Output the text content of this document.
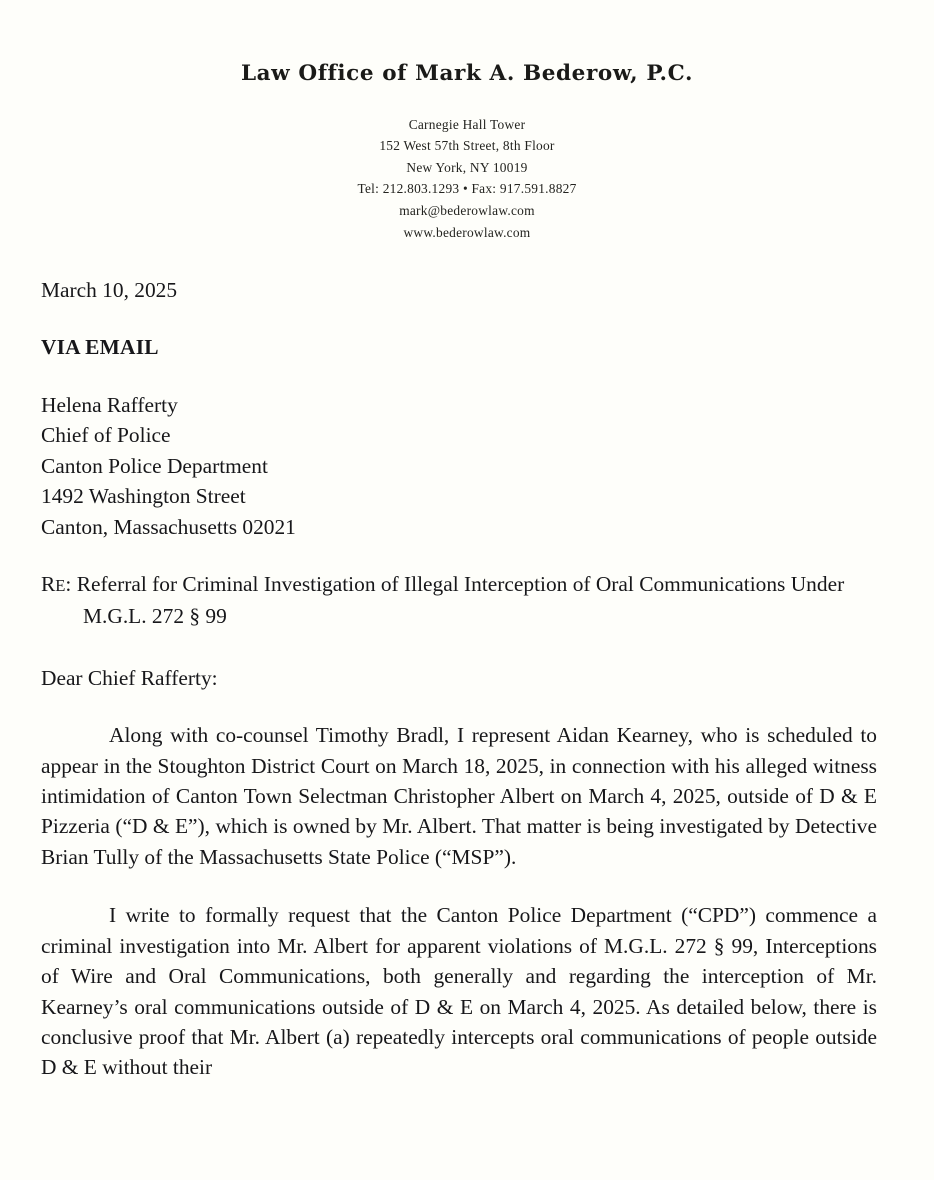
Law Office of Mark A. Bederow, P.C.
Carnegie Hall Tower
152 West 57th Street, 8th Floor
New York, NY 10019
Tel: 212.803.1293 • Fax: 917.591.8827
mark@bederowlaw.com
www.bederowlaw.com
March 10, 2025
VIA EMAIL
Helena Rafferty
Chief of Police
Canton Police Department
1492 Washington Street
Canton, Massachusetts 02021
RE: Referral for Criminal Investigation of Illegal Interception of Oral Communications Under M.G.L. 272 § 99
Dear Chief Rafferty:
Along with co-counsel Timothy Bradl, I represent Aidan Kearney, who is scheduled to appear in the Stoughton District Court on March 18, 2025, in connection with his alleged witness intimidation of Canton Town Selectman Christopher Albert on March 4, 2025, outside of D & E Pizzeria (“D & E”), which is owned by Mr. Albert. That matter is being investigated by Detective Brian Tully of the Massachusetts State Police (“MSP”).
I write to formally request that the Canton Police Department (“CPD”) commence a criminal investigation into Mr. Albert for apparent violations of M.G.L. 272 § 99, Interceptions of Wire and Oral Communications, both generally and regarding the interception of Mr. Kearney’s oral communications outside of D & E on March 4, 2025. As detailed below, there is conclusive proof that Mr. Albert (a) repeatedly intercepts oral communications of people outside D & E without their
